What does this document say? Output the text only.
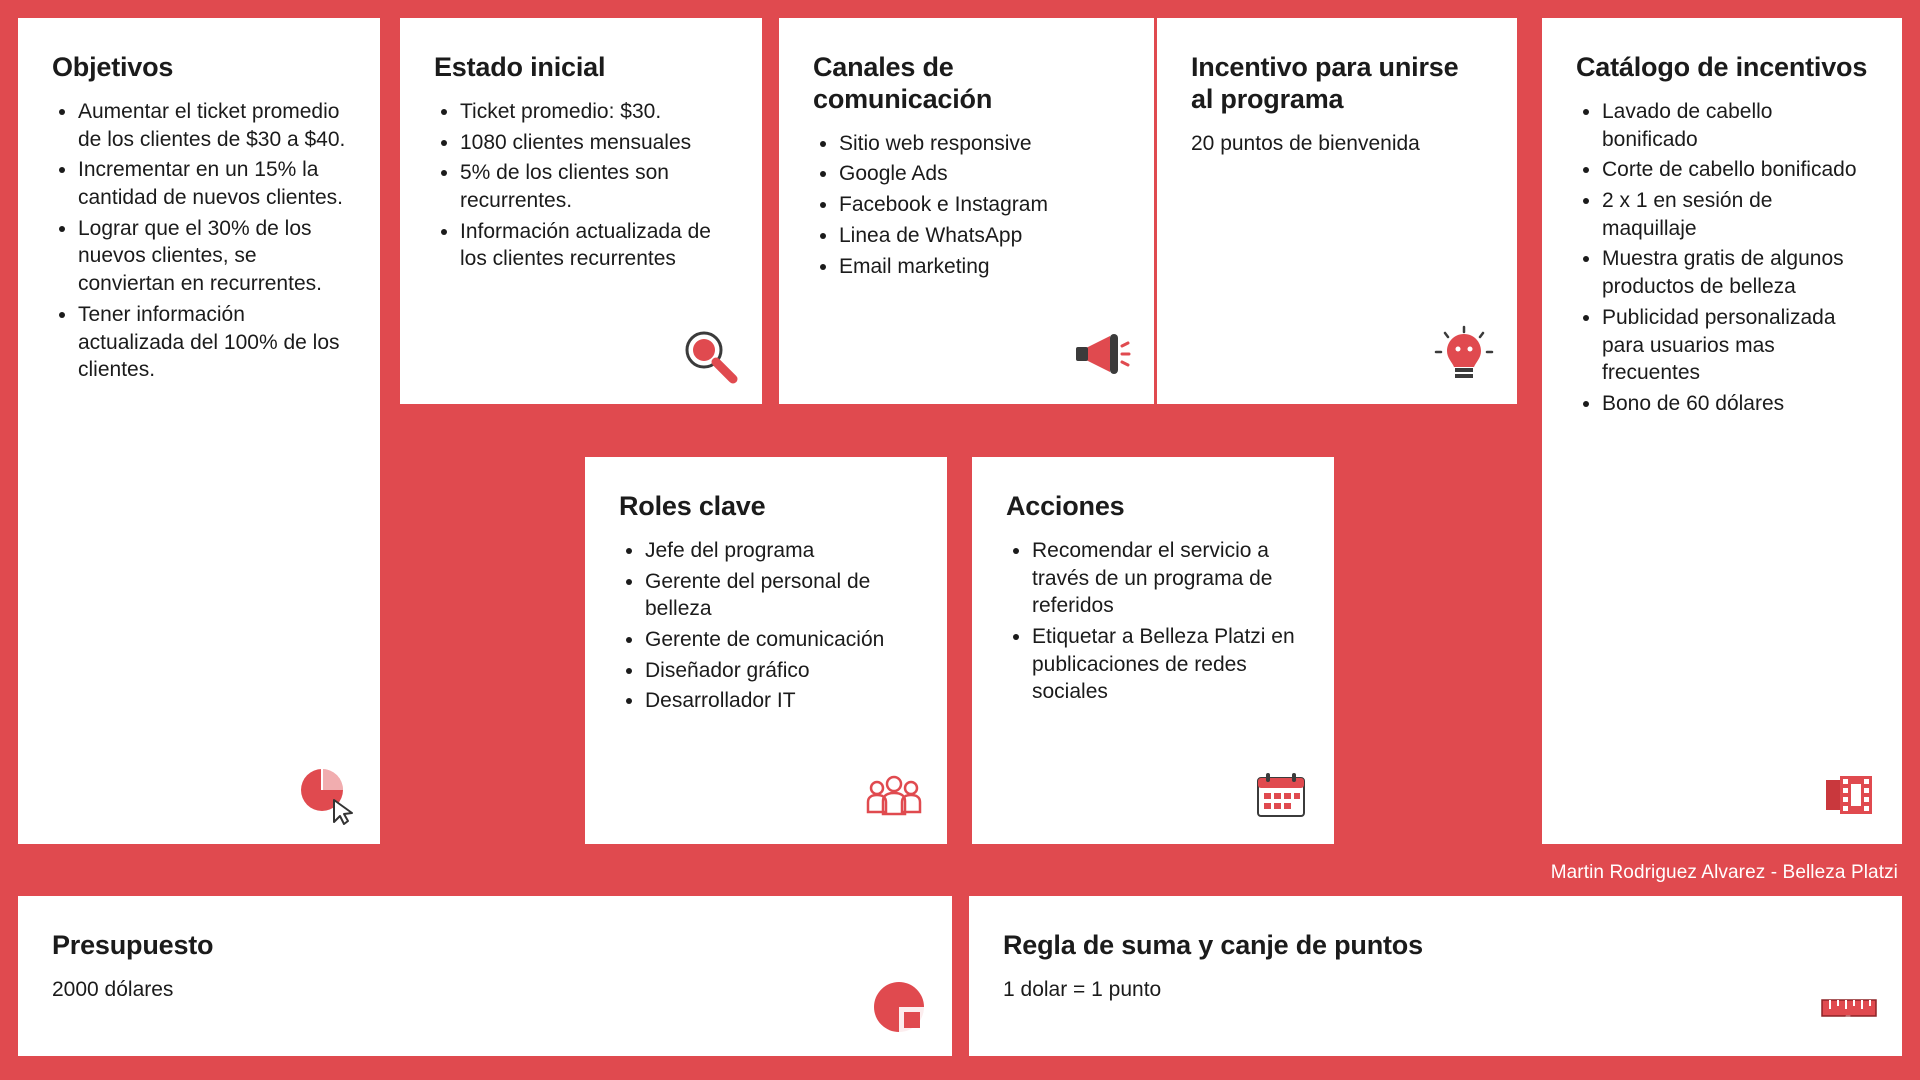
Objetivos
• Aumentar el ticket promedio de los clientes de $30 a $40.
• Incrementar en un 15% la cantidad de nuevos clientes.
• Lograr que el 30% de los nuevos clientes, se conviertan en recurrentes.
• Tener información actualizada del 100% de los clientes.
Estado inicial
• Ticket promedio: $30.
• 1080 clientes mensuales
• 5% de los clientes son recurrentes.
• Información actualizada de los clientes recurrentes
Canales de comunicación
• Sitio web responsive
• Google Ads
• Facebook e Instagram
• Linea de WhatsApp
• Email marketing
Incentivo para unirse al programa

20 puntos de bienvenida

Catálogo de incentivos
• Lavado de cabello bonificado
• Corte de cabello bonificado
• 2 x 1 en sesión de maquillaje
• Muestra gratis de algunos productos de belleza
• Publicidad personalizada para usuarios mas frecuentes
• Bono de 60 dólares
Roles clave
• Jefe del programa
• Gerente del personal de belleza
• Gerente de comunicación
• Diseñador gráfico
• Desarrollador IT
Acciones
• Recomendar el servicio a través de un programa de referidos
• Etiquetar a Belleza Platzi en publicaciones de redes sociales
Presupuesto

2000 dólares

Regla de suma y canje de puntos

1 dolar = 1 punto

Martin Rodriguez Alvarez - Belleza Platzi
Platzi
